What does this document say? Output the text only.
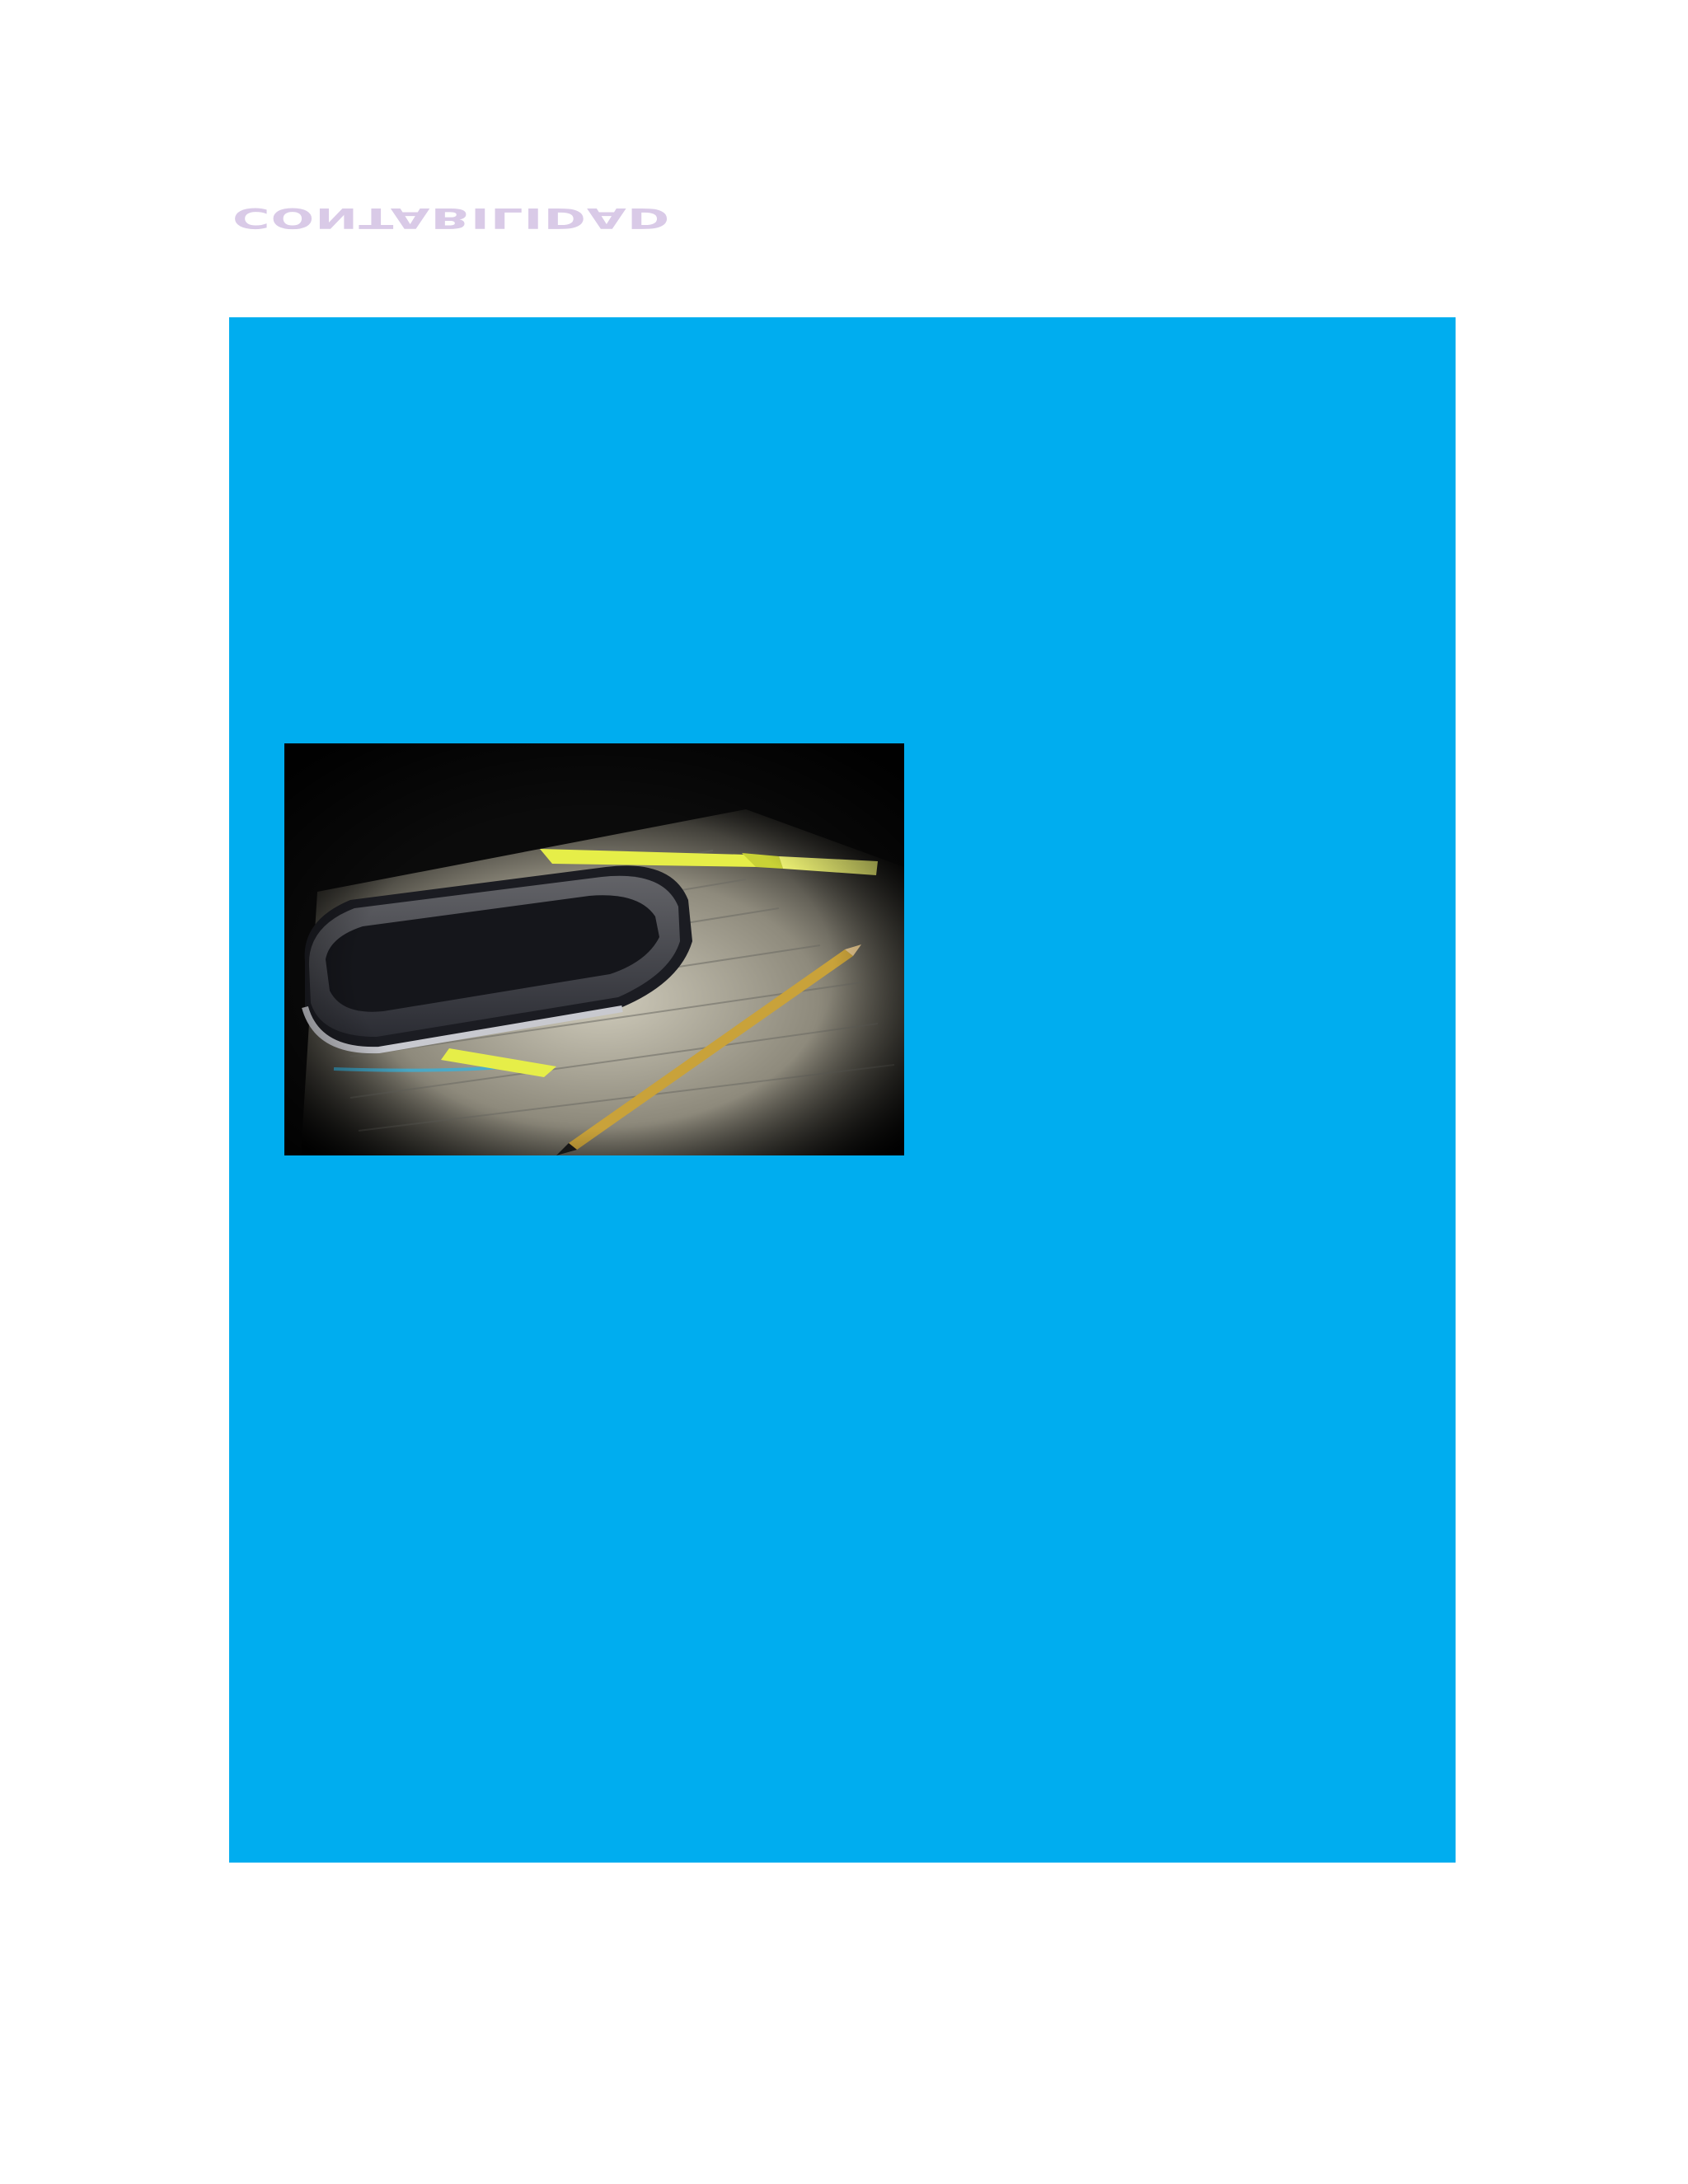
CONTABILIDAD
